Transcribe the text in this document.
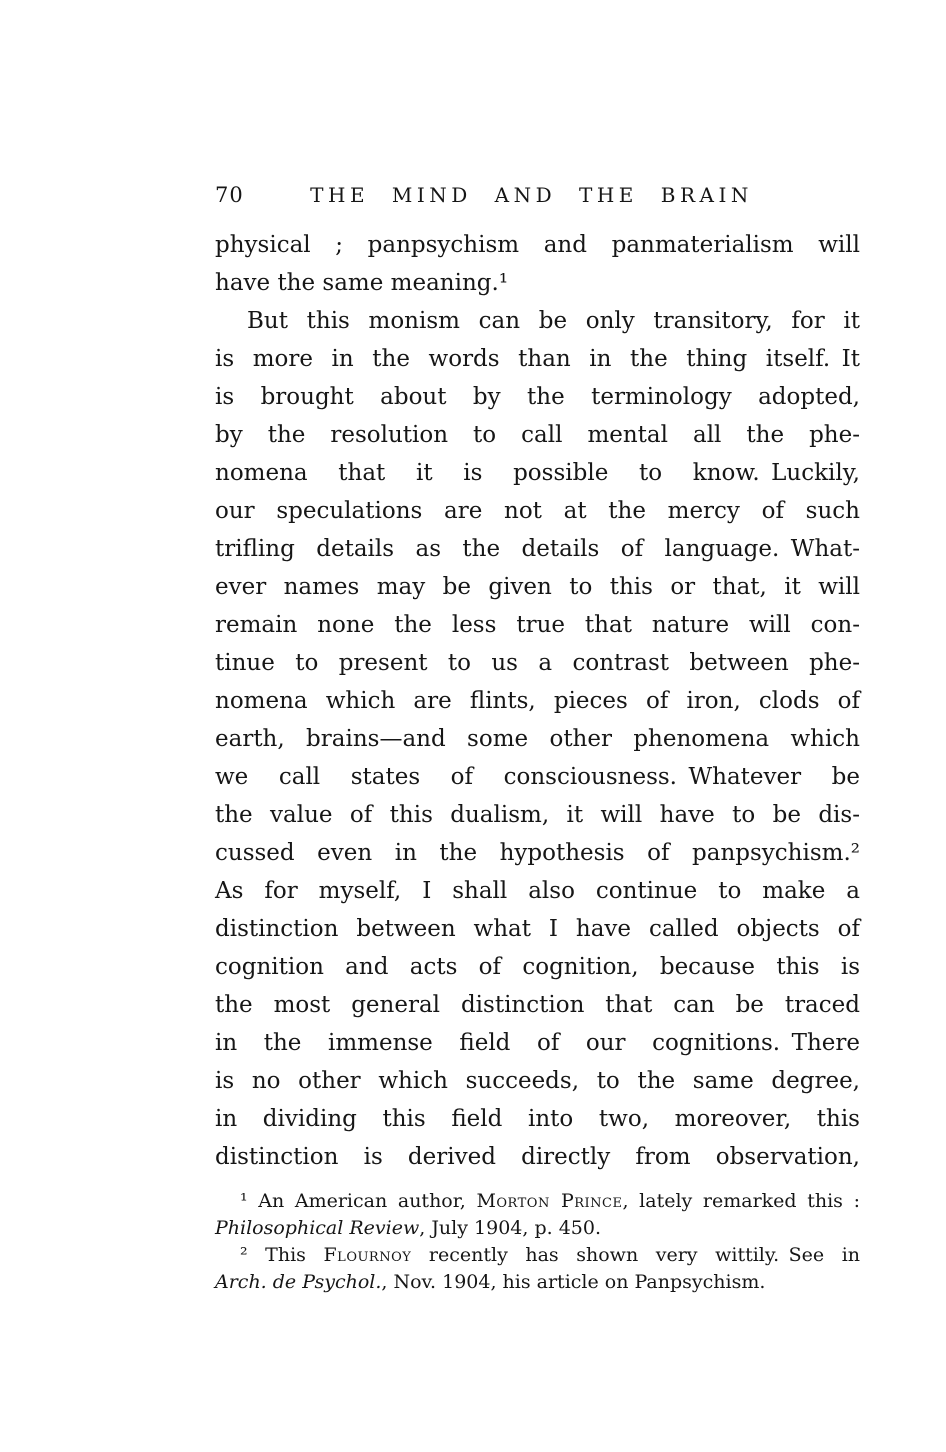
70	THE MIND AND THE BRAIN
physical ; panpsychism and panmaterialism will
have the same meaning.¹
But this monism can be only transitory, for it
is more in the words than in the thing itself. It
is brought about by the terminology adopted,
by the resolution to call mental all the phe-
nomena that it is possible to know. Luckily,
our speculations are not at the mercy of such
trifling details as the details of language. What-
ever names may be given to this or that, it will
remain none the less true that nature will con-
tinue to present to us a contrast between phe-
nomena which are flints, pieces of iron, clods of
earth, brains—and some other phenomena which
we call states of consciousness. Whatever be
the value of this dualism, it will have to be dis-
cussed even in the hypothesis of panpsychism.²
As for myself, I shall also continue to make a
distinction between what I have called objects of
cognition and acts of cognition, because this is
the most general distinction that can be traced
in the immense field of our cognitions. There
is no other which succeeds, to the same degree,
in dividing this field into two, moreover, this
distinction is derived directly from observation,
¹ An American author, Morton Prince, lately remarked this :
Philosophical Review, July 1904, p. 450.
² This Flournoy recently has shown very wittily. See in
Arch. de Psychol., Nov. 1904, his article on Panpsychism.
